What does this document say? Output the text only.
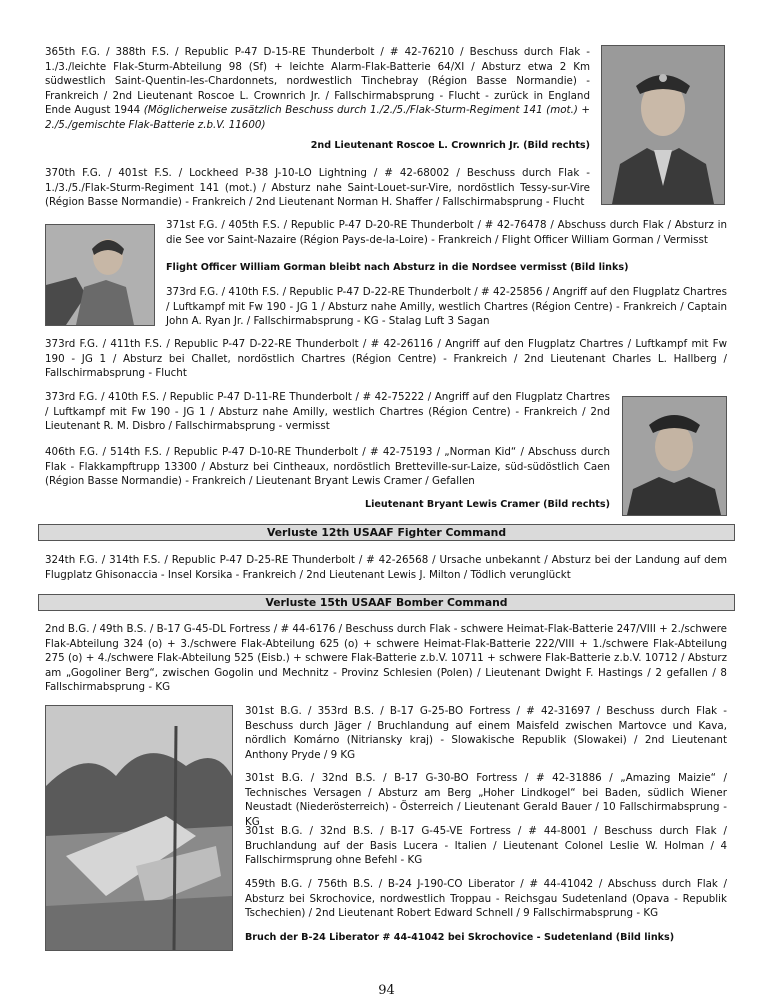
365th F.G. / 388th F.S. / Republic P-47 D-15-RE Thunderbolt / # 42-76210 / Beschuss durch Flak - 1./3./leichte Flak-Sturm-Abteilung 98 (Sf) + leichte Alarm-Flak-Batterie 64/XI / Absturz etwa 2 Km südwestlich Saint-Quentin-les-Chardonnets, nordwestlich Tinchebray (Région Basse Normandie) - Frankreich / 2nd Lieutenant Roscoe L. Crownrich Jr. / Fallschirmabsprung - Flucht - zurück in England Ende August 1944 (Möglicherweise zusätzlich Beschuss durch 1./2./5./Flak-Sturm-Regiment 141 (mot.) + 2./5./gemischte Flak-Batterie z.b.V. 11600)

2nd Lieutenant Roscoe L. Crownrich Jr. (Bild rechts)

370th F.G. / 401st F.S. / Lockheed P-38 J-10-LO Lightning / # 42-68002 / Beschuss durch Flak - 1./3./5./Flak-Sturm-Regiment 141 (mot.) / Absturz nahe Saint-Louet-sur-Vire, nordöstlich Tessy-sur-Vire (Région Basse Normandie) - Frankreich / 2nd Lieutenant Norman H. Shaffer / Fallschirmabsprung - Flucht

371st F.G. / 405th F.S. / Republic P-47 D-20-RE Thunderbolt / # 42-76478 / Abschuss durch Flak / Absturz in die See vor Saint-Nazaire (Région Pays-de-la-Loire) - Frankreich / Flight Officer William Gorman / Vermisst

Flight Officer William Gorman bleibt nach Absturz in die Nordsee vermisst (Bild links)

373rd F.G. / 410th F.S. / Republic P-47 D-22-RE Thunderbolt / # 42-25856 / Angriff auf den Flugplatz Chartres / Luftkampf mit Fw 190 - JG 1 / Absturz nahe Amilly, westlich Chartres (Région Centre) - Frankreich / Captain John A. Ryan Jr. / Fallschirmabsprung - KG - Stalag Luft 3 Sagan

373rd F.G. / 411th F.S. / Republic P-47 D-22-RE Thunderbolt / # 42-26116 / Angriff auf den Flugplatz Chartres / Luftkampf mit Fw 190 - JG 1 / Absturz bei Challet, nordöstlich Chartres (Région Centre) - Frankreich / 2nd Lieutenant Charles L. Hallberg / Fallschirmabsprung - Flucht

373rd F.G. / 410th F.S. / Republic P-47 D-11-RE Thunderbolt / # 42-75222 / Angriff auf den Flugplatz Chartres / Luftkampf mit Fw 190 - JG 1 / Absturz nahe Amilly, westlich Chartres (Région Centre) - Frankreich / 2nd Lieutenant R. M. Disbro / Fallschirmabsprung - vermisst

406th F.G. / 514th F.S. / Republic P-47 D-10-RE Thunderbolt / # 42-75193 / „Norman Kid“ / Abschuss durch Flak - Flakkampftrupp 13300 / Absturz bei Cintheaux, nordöstlich Bretteville-sur-Laize, süd-südöstlich Caen (Région Basse Normandie) - Frankreich / Lieutenant Bryant Lewis Cramer / Gefallen

Lieutenant Bryant Lewis Cramer (Bild rechts)

Verluste 12th USAAF Fighter Command

324th F.G. / 314th F.S. / Republic P-47 D-25-RE Thunderbolt / # 42-26568 / Ursache unbekannt / Absturz bei der Landung auf dem Flugplatz Ghisonaccia - Insel Korsika - Frankreich / 2nd Lieutenant Lewis J. Milton / Tödlich verunglückt

Verluste 15th USAAF Bomber Command

2nd B.G. / 49th B.S. / B-17 G-45-DL Fortress / # 44-6176 / Beschuss durch Flak - schwere Heimat-Flak-Batterie 247/VIII + 2./schwere Flak-Abteilung 324 (o) + 3./schwere Flak-Abteilung 625 (o) + schwere Heimat-Flak-Batterie 222/VIII + 1./schwere Flak-Abteilung 275 (o) + 4./schwere Flak-Abteilung 525 (Eisb.) + schwere Flak-Batterie z.b.V. 10711 + schwere Flak-Batterie z.b.V. 10712 / Absturz am „Gogoliner Berg“, zwischen Gogolin und Mechnitz - Provinz Schlesien (Polen) / Lieutenant Dwight F. Hastings / 2 gefallen / 8 Fallschirmabsprung - KG

301st B.G. / 353rd B.S. / B-17 G-25-BO Fortress / # 42-31697 / Beschuss durch Flak - Beschuss durch Jäger / Bruchlandung auf einem Maisfeld zwischen Martovce und Kava, nördlich Komárno (Nitriansky kraj) - Slowakische Republik (Slowakei) / 2nd Lieutenant Anthony Pryde / 9 KG

301st B.G. / 32nd B.S. / B-17 G-30-BO Fortress / # 42-31886 / „Amazing Maizie“ / Technisches Versagen / Absturz am Berg „Hoher Lindkogel“ bei Baden, südlich Wiener Neustadt (Niederösterreich) - Österreich / Lieutenant Gerald Bauer / 10 Fallschirmabsprung - KG

301st B.G. / 32nd B.S. / B-17 G-45-VE Fortress / # 44-8001 / Beschuss durch Flak / Bruchlandung auf der Basis Lucera - Italien / Lieutenant Colonel Leslie W. Holman / 4 Fallschirmsprung ohne Befehl - KG

459th B.G. / 756th B.S. / B-24 J-190-CO Liberator / # 44-41042 / Abschuss durch Flak / Absturz bei Skrochovice, nordwestlich Troppau - Reichsgau Sudetenland (Opava - Republik Tschechien) / 2nd Lieutenant Robert Edward Schnell / 9 Fallschirmabsprung - KG

Bruch der B-24 Liberator # 44-41042 bei Skrochovice - Sudetenland (Bild links)

94
